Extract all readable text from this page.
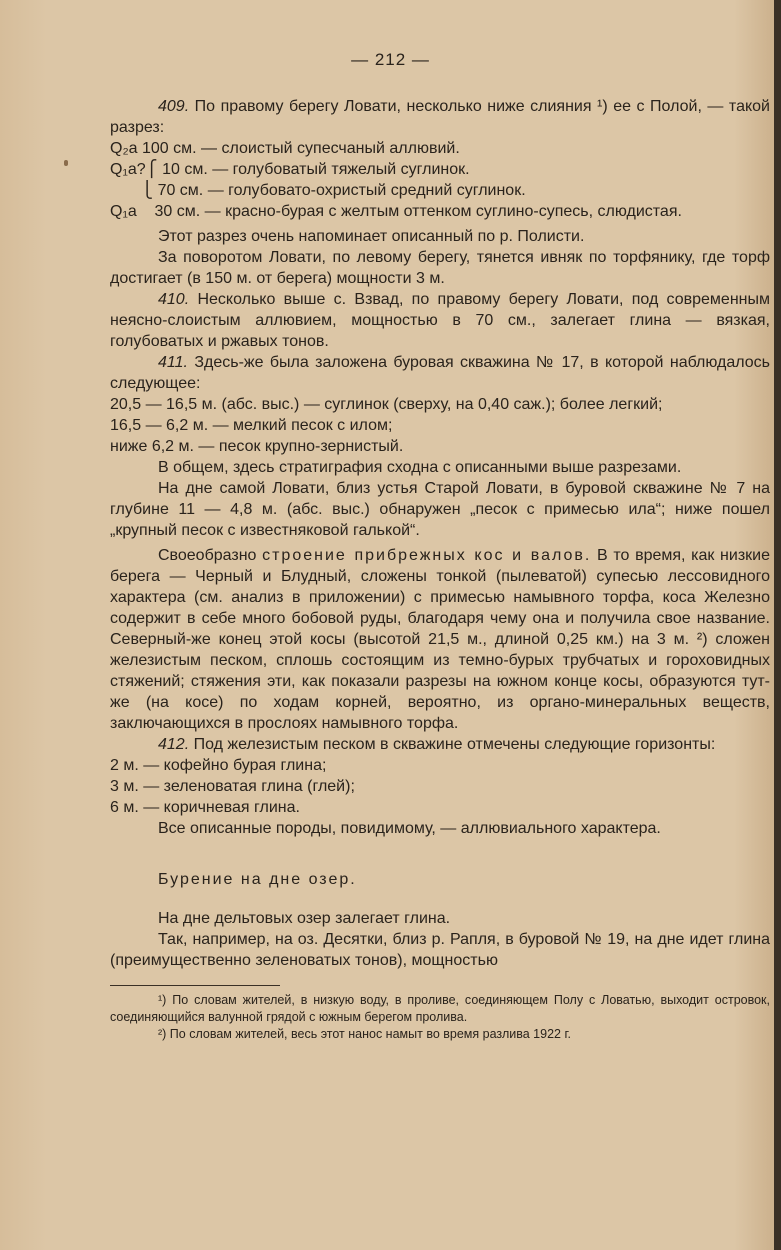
— 212 —

409. По правому берегу Ловати, несколько ниже слияния ¹) ее с Полой, — такой разрез:

Q₂a 100 см. —
слоистый супесчаный аллювий.
Q₁a?⎧ 10 см. —
голубоватый тяжелый суглинок.
⎩ 70 см. —
голубовато-охристый средний суглинок.
Q₁a    30 см. —
красно-бурая с желтым оттенком суглино-супесь, слюдистая.

Этот разрез очень напоминает описанный по р. Полисти.

За поворотом Ловати, по левому берегу, тянется ивняк по торфянику, где торф достигает (в 150 м. от берега) мощности 3 м.

410. Несколько выше с. Взвад, по правому берегу Ловати, под современным неясно-слоистым аллювием, мощностью в 70 см., залегает глина — вязкая, голубоватых и ржавых тонов.

411. Здесь-же была заложена буровая скважина № 17, в которой наблюдалось следующее:

20,5 — 16,5 м. (абс. выс.) — суглинок (сверху, на 0,40 саж.); более легкий;

16,5 — 6,2 м. — мелкий песок с илом;

ниже 6,2 м. — песок крупно-зернистый.

В общем, здесь стратиграфия сходна с описанными выше разрезами.

На дне самой Ловати, близ устья Старой Ловати, в буровой скважине № 7 на глубине 11 — 4,8 м. (абс. выс.) обнаружен „песок с примесью ила“; ниже пошел „крупный песок с известняковой галькой“.

Своеобразно строение прибрежных кос и валов. В то время, как низкие берега — Черный и Блудный, сложены тонкой (пылеватой) супесью лессовидного характера (см. анализ в приложении) с примесью намывного торфа, коса Железно содержит в себе много бобовой руды, благодаря чему она и получила свое название. Северный-же конец этой косы (высотой 21,5 м., длиной 0,25 км.) на 3 м. ²) сложен железистым песком, сплошь состоящим из темно-бурых трубчатых и гороховидных стяжений; стяжения эти, как показали разрезы на южном конце косы, образуются тут-же (на косе) по ходам корней, вероятно, из органо-минеральных веществ, заключающихся в прослоях намывного торфа.

412. Под железистым песком в скважине отмечены следующие горизонты:

2 м. — кофейно бурая глина;

3 м. — зеленоватая глина (глей);

6 м. — коричневая глина.

Все описанные породы, повидимому, — аллювиального характера.

Бурение на дне озер.

На дне дельтовых озер залегает глина.

Так, например, на оз. Десятки, близ р. Рапля, в буровой № 19, на дне идет глина (преимущественно зеленоватых тонов), мощностью

¹) По словам жителей, в низкую воду, в проливе, соединяющем Полу с Ловатью, выходит островок, соединяющийся валунной грядой с южным берегом пролива.

²) По словам жителей, весь этот нанос намыт во время разлива 1922 г.
